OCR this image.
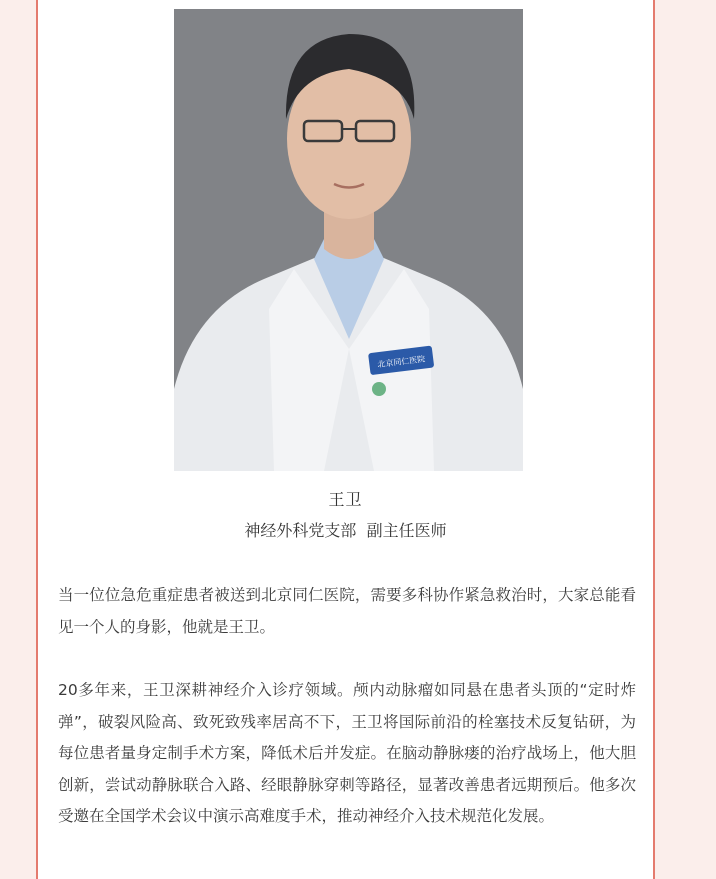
北京同仁医院
王卫
神经外科党支部  副主任医师

当一位位急危重症患者被送到北京同仁医院，需要多科协作紧急救治时，大家总能看见一个人的身影，他就是王卫。

20多年来，王卫深耕神经介入诊疗领域。颅内动脉瘤如同悬在患者头顶的“定时炸弹”，破裂风险高、致死致残率居高不下，王卫将国际前沿的栓塞技术反复钻研，为每位患者量身定制手术方案，降低术后并发症。在脑动静脉瘘的治疗战场上，他大胆创新，尝试动静脉联合入路、经眼静脉穿刺等路径，显著改善患者远期预后。他多次受邀在全国学术会议中演示高难度手术，推动神经介入技术规范化发展。
